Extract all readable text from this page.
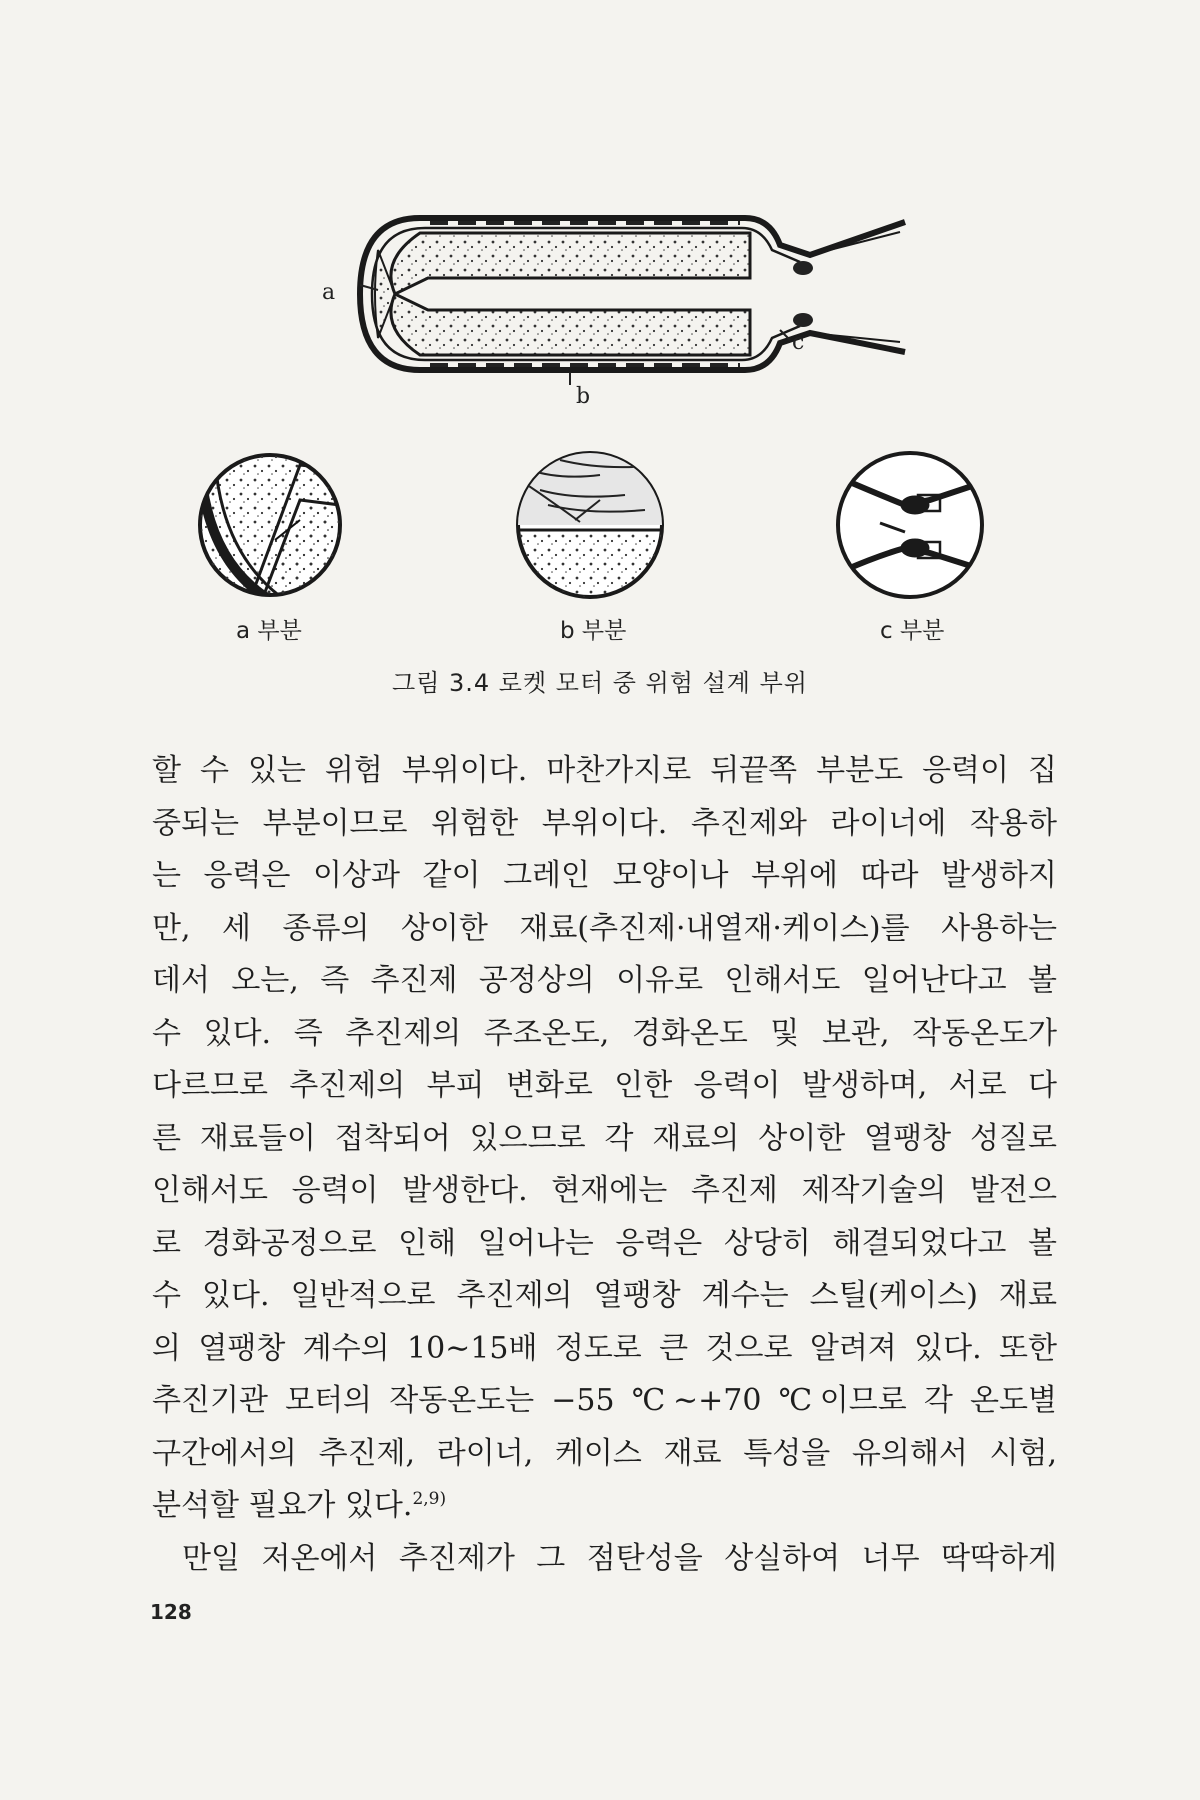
a
b
c
a 부분	b 부분	c 부분
그림 3.4 로켓 모터 중 위험 설계 부위
할 수 있는 위험 부위이다. 마찬가지로 뒤끝쪽 부분도 응력이 집
중되는 부분이므로 위험한 부위이다. 추진제와 라이너에 작용하
는 응력은 이상과 같이 그레인 모양이나 부위에 따라 발생하지
만, 세 종류의 상이한 재료(추진제·내열재·케이스)를 사용하는
데서 오는, 즉 추진제 공정상의 이유로 인해서도 일어난다고 볼
수 있다. 즉 추진제의 주조온도, 경화온도 및 보관, 작동온도가
다르므로 추진제의 부피 변화로 인한 응력이 발생하며, 서로 다
른 재료들이 접착되어 있으므로 각 재료의 상이한 열팽창 성질로
인해서도 응력이 발생한다. 현재에는 추진제 제작기술의 발전으
로 경화공정으로 인해 일어나는 응력은 상당히 해결되었다고 볼
수 있다. 일반적으로 추진제의 열팽창 계수는 스틸(케이스) 재료
의 열팽창 계수의 10∼15배 정도로 큰 것으로 알려져 있다. 또한
추진기관 모터의 작동온도는 −55 ℃∼+70 ℃이므로 각 온도별
구간에서의 추진제, 라이너, 케이스 재료 특성을 유의해서 시험,
분석할 필요가 있다.$^{2,9)}$
만일 저온에서 추진제가 그 점탄성을 상실하여 너무 딱딱하게
128
